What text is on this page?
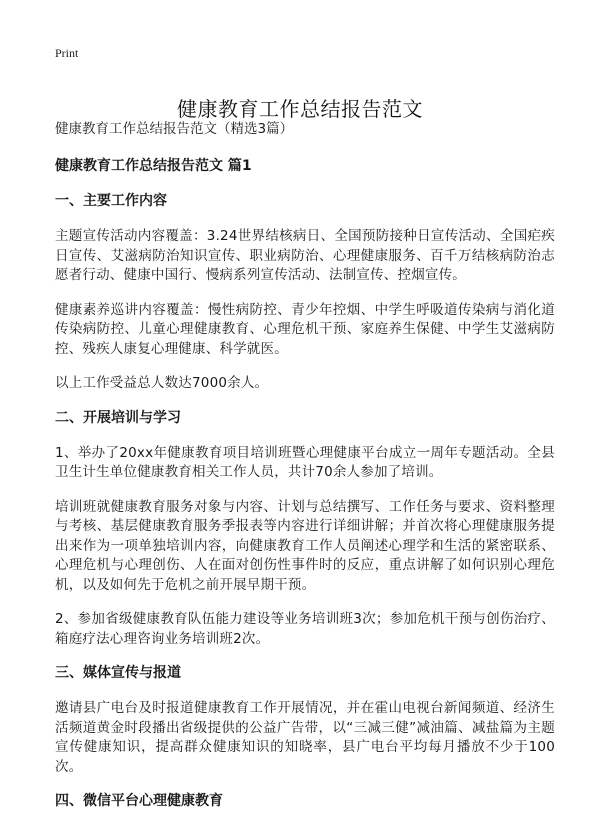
Print
健康教育工作总结报告范文

健康教育工作总结报告范文（精选3篇）

健康教育工作总结报告范文 篇1

一、主要工作内容

主题宣传活动内容覆盖：3.24世界结核病日、全国预防接种日宣传活动、全国疟疾日宣传、艾滋病防治知识宣传、职业病防治、心理健康服务、百千万结核病防治志愿者行动、健康中国行、慢病系列宣传活动、法制宣传、控烟宣传。

健康素养巡讲内容覆盖：慢性病防控、青少年控烟、中学生呼吸道传染病与消化道传染病防控、儿童心理健康教育、心理危机干预、家庭养生保健、中学生艾滋病防控、残疾人康复心理健康、科学就医。

以上工作受益总人数达7000余人。

二、开展培训与学习

1、举办了20xx年健康教育项目培训班暨心理健康平台成立一周年专题活动。全县卫生计生单位健康教育相关工作人员，共计70余人参加了培训。

培训班就健康教育服务对象与内容、计划与总结撰写、工作任务与要求、资料整理与考核、基层健康教育服务季报表等内容进行详细讲解；并首次将心理健康服务提出来作为一项单独培训内容，向健康教育工作人员阐述心理学和生活的紧密联系、心理危机与心理创伤、人在面对创伤性事件时的反应，重点讲解了如何识别心理危机，以及如何先于危机之前开展早期干预。

2、参加省级健康教育队伍能力建设等业务培训班3次；参加危机干预与创伤治疗、箱庭疗法心理咨询业务培训班2次。

三、媒体宣传与报道

邀请县广电台及时报道健康教育工作开展情况，并在霍山电视台新闻频道、经济生活频道黄金时段播出省级提供的公益广告带，以“三减三健”减油篇、减盐篇为主题宣传健康知识，提高群众健康知识的知晓率，县广电台平均每月播放不少于100次。

四、微信平台心理健康教育
